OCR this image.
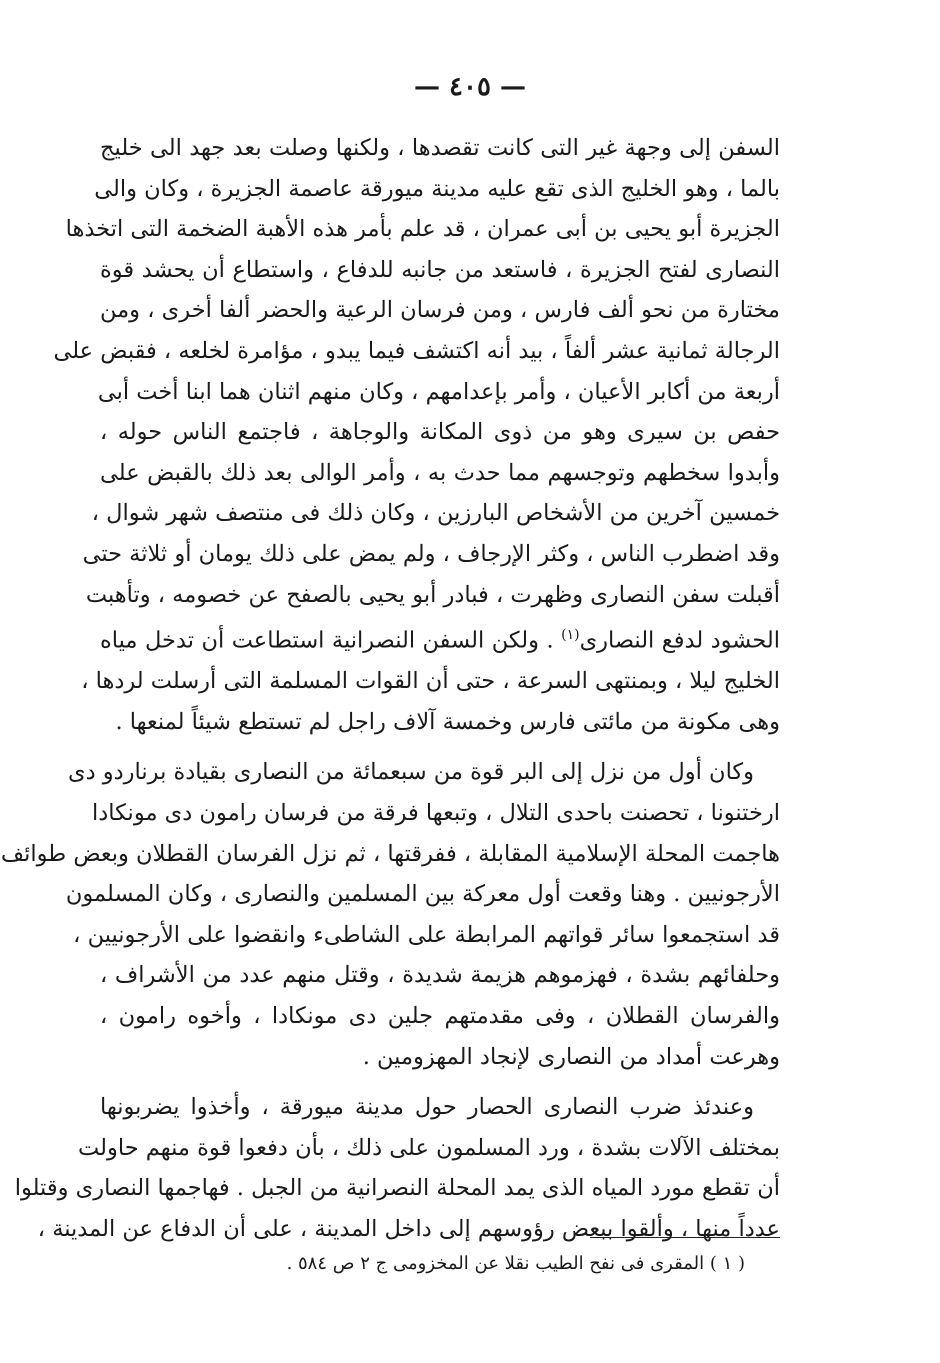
— ٤٠٥ —
السفن إلى وجهة غير التى كانت تقصدها ، ولكنها وصلت بعد جهد الى خليج
بالما ، وهو الخليج الذى تقع عليه مدينة ميورقة عاصمة الجزيرة ، وكان والى
الجزيرة أبو يحيى بن أبى عمران ، قد علم بأمر هذه الأهبة الضخمة التى اتخذها
النصارى لفتح الجزيرة ، فاستعد من جانبه للدفاع ، واستطاع أن يحشد قوة
مختارة من نحو ألف فارس ، ومن فرسان الرعية والحضر ألفا أخرى ، ومن
الرجالة ثمانية عشر ألفاً ، بيد أنه اكتشف فيما يبدو ، مؤامرة لخلعه ، فقبض على
أربعة من أكابر الأعيان ، وأمر بإعدامهم ، وكان منهم اثنان هما ابنا أخت أبى
حفص بن سيرى وهو من ذوى المكانة والوجاهة ، فاجتمع الناس حوله ،
وأبدوا سخطهم وتوجسهم مما حدث به ، وأمر الوالى بعد ذلك بالقبض على
خمسين آخرين من الأشخاص البارزين ، وكان ذلك فى منتصف شهر شوال ،
وقد اضطرب الناس ، وكثر الإرجاف ، ولم يمض على ذلك يومان أو ثلاثة حتى
أقبلت سفن النصارى وظهرت ، فبادر أبو يحيى بالصفح عن خصومه ، وتأهبت
الحشود لدفع النصارى$^{(١)}$ . ولكن السفن النصرانية استطاعت أن تدخل مياه
الخليج ليلا ، وبمنتهى السرعة ، حتى أن القوات المسلمة التى أرسلت لردها ،
وهى مكونة من مائتى فارس وخمسة آلاف راجل لم تستطع شيئاً لمنعها .
وكان أول من نزل إلى البر قوة من سبعمائة من النصارى بقيادة برناردو دى
ارختنونا ، تحصنت باحدى التلال ، وتبعها فرقة من فرسان رامون دى مونكادا
هاجمت المحلة الإسلامية المقابلة ، ففرقتها ، ثم نزل الفرسان القطلان وبعض طوائف
الأرجونيين . وهنا وقعت أول معركة بين المسلمين والنصارى ، وكان المسلمون
قد استجمعوا سائر قواتهم المرابطة على الشاطىء وانقضوا على الأرجونيين ،
وحلفائهم بشدة ، فهزموهم هزيمة شديدة ، وقتل منهم عدد من الأشراف ،
والفرسان القطلان ، وفى مقدمتهم جلين دى مونكادا ، وأخوه رامون ،
وهرعت أمداد من النصارى لإنجاد المهزومين .
وعندئذ ضرب النصارى الحصار حول مدينة ميورقة ، وأخذوا يضربونها
بمختلف الآلات بشدة ، ورد المسلمون على ذلك ، بأن دفعوا قوة منهم حاولت
أن تقطع مورد المياه الذى يمد المحلة النصرانية من الجبل . فهاجمها النصارى وقتلوا
عدداً منها ، وألقوا ببعض رؤوسهم إلى داخل المدينة ، على أن الدفاع عن المدينة ،
( ١ ) المقرى فى نفح الطيب نقلا عن المخزومى ج ٢ ص ٥٨٤ .
